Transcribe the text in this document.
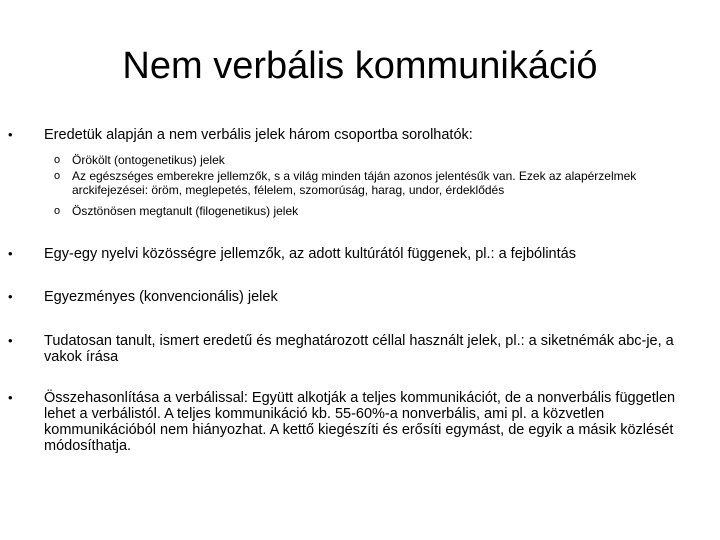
Nem verbális kommunikáció
• Eredetük alapján a nem verbális jelek három csoportba sorolhatók:
o Örökölt (ontogenetikus) jelek
o Az egészséges emberekre jellemzők, s a világ minden táján azonos jelentésűk van. Ezek az alapérzelmek arckifejezései: öröm, meglepetés, félelem, szomorúság, harag, undor, érdeklődés
o Ösztönösen megtanult (filogenetikus) jelek
• Egy-egy nyelvi közösségre jellemzők, az adott kultúrától függenek, pl.: a fejbólintás
• Egyezményes (konvencionális) jelek
• Tudatosan tanult, ismert eredetű és meghatározott céllal használt jelek, pl.: a siketnémák abc-je, a vakok írása
• Összehasonlítása a verbálissal: Együtt alkotják a teljes kommunikációt, de a nonverbális független lehet a verbálistól. A teljes kommunikáció kb. 55-60%-a nonverbális, ami pl. a közvetlen kommunikációból nem hiányozhat. A kettő kiegészíti és erősíti egymást, de egyik a másik közlését módosíthatja.
